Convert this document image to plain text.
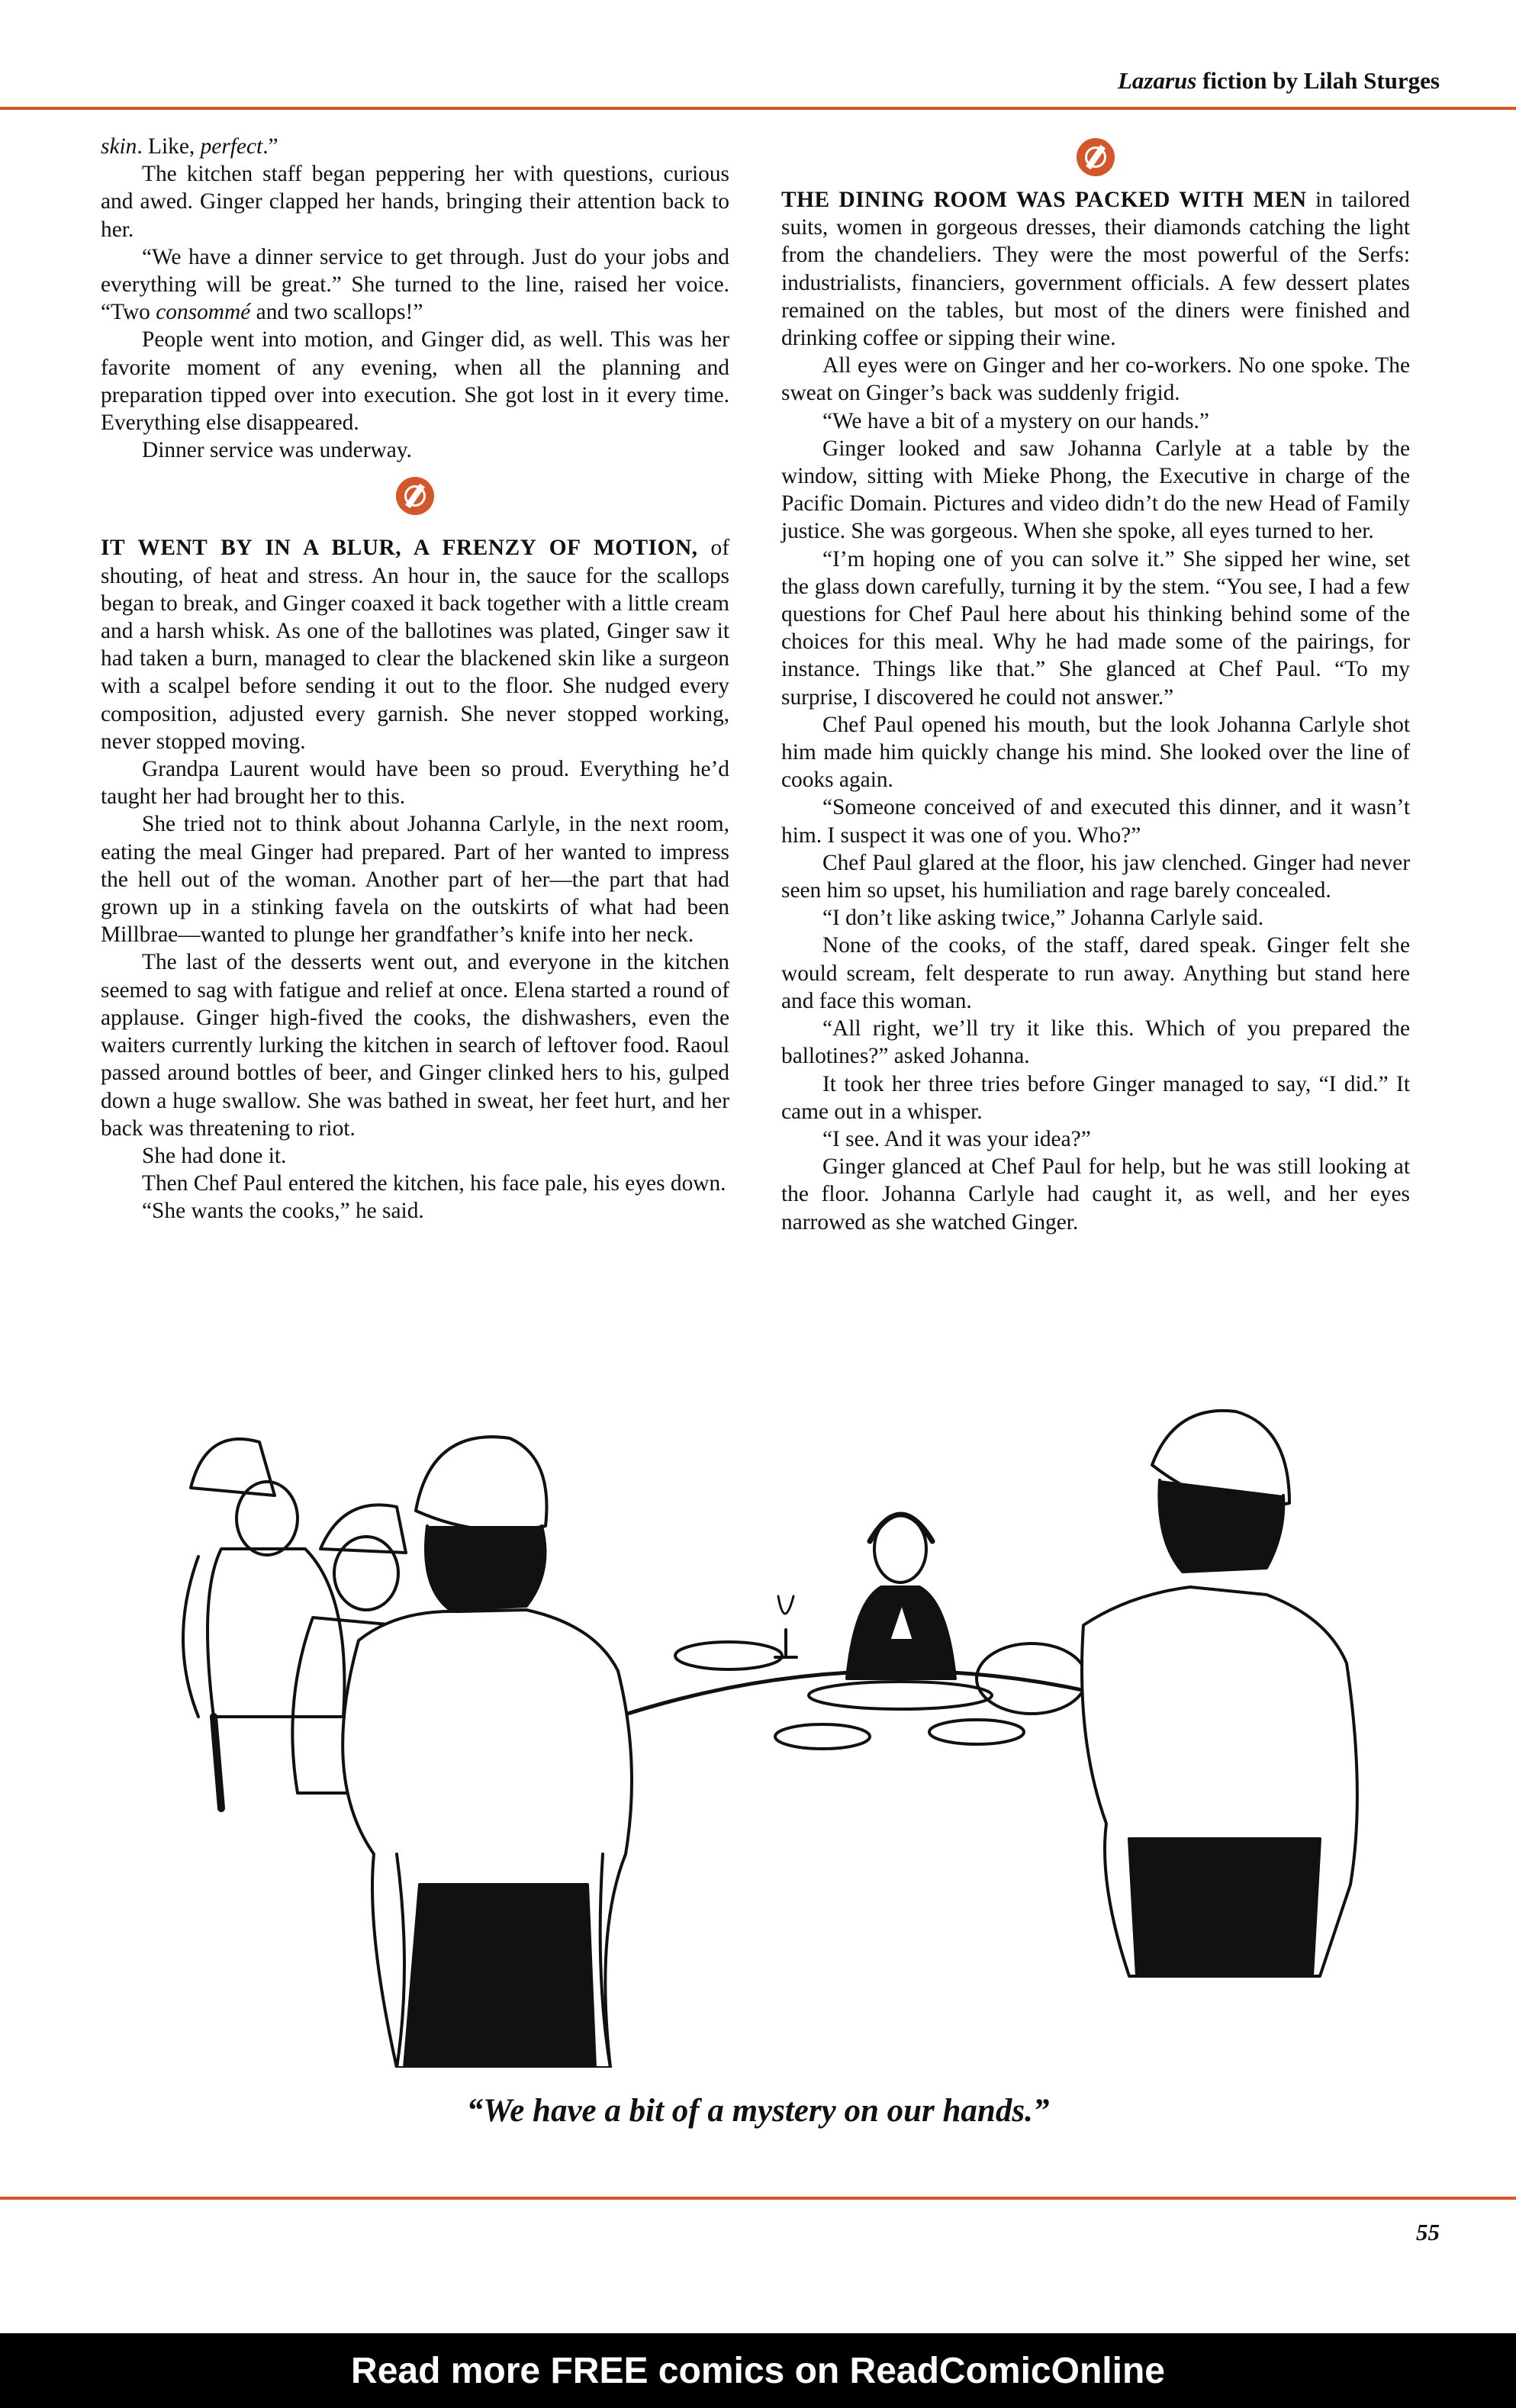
Lazarus fiction by Lilah Sturges

skin. Like, perfect.”

The kitchen staff began peppering her with questions, curious and awed. Ginger clapped her hands, bringing their attention back to her.

“We have a dinner service to get through. Just do your jobs and everything will be great.” She turned to the line, raised her voice. “Two consommé and two scallops!”

People went into motion, and Ginger did, as well. This was her favorite moment of any evening, when all the planning and preparation tipped over into execution. She got lost in it every time. Everything else disappeared.

Dinner service was underway.

IT WENT BY IN A BLUR, A FRENZY OF MOTION, of shouting, of heat and stress. An hour in, the sauce for the scallops began to break, and Ginger coaxed it back together with a little cream and a harsh whisk. As one of the ballotines was plated, Ginger saw it had taken a burn, managed to clear the blackened skin like a surgeon with a scalpel before sending it out to the floor. She nudged every composition, adjusted every garnish. She never stopped working, never stopped moving.

Grandpa Laurent would have been so proud. Everything he’d taught her had brought her to this.

She tried not to think about Johanna Carlyle, in the next room, eating the meal Ginger had prepared. Part of her wanted to impress the hell out of the woman. Another part of her—the part that had grown up in a stinking favela on the outskirts of what had been Millbrae—wanted to plunge her grandfather’s knife into her neck.

The last of the desserts went out, and everyone in the kitchen seemed to sag with fatigue and relief at once. Elena started a round of applause. Ginger high-fived the cooks, the dishwashers, even the waiters currently lurking the kitchen in search of leftover food. Raoul passed around bottles of beer, and Ginger clinked hers to his, gulped down a huge swallow. She was bathed in sweat, her feet hurt, and her back was threatening to riot.

She had done it.

Then Chef Paul entered the kitchen, his face pale, his eyes down.

“She wants the cooks,” he said.

THE DINING ROOM WAS PACKED WITH MEN in tailored suits, women in gorgeous dresses, their diamonds catching the light from the chandeliers. They were the most powerful of the Serfs: industrialists, financiers, government officials. A few dessert plates remained on the tables, but most of the diners were finished and drinking coffee or sipping their wine.

All eyes were on Ginger and her co-workers. No one spoke. The sweat on Ginger’s back was suddenly frigid.

“We have a bit of a mystery on our hands.”

Ginger looked and saw Johanna Carlyle at a table by the window, sitting with Mieke Phong, the Executive in charge of the Pacific Domain. Pictures and video didn’t do the new Head of Family justice. She was gorgeous. When she spoke, all eyes turned to her.

“I’m hoping one of you can solve it.” She sipped her wine, set the glass down carefully, turning it by the stem. “You see, I had a few questions for Chef Paul here about his thinking behind some of the choices for this meal. Why he had made some of the pairings, for instance. Things like that.” She glanced at Chef Paul. “To my surprise, I discovered he could not answer.”

Chef Paul opened his mouth, but the look Johanna Carlyle shot him made him quickly change his mind. She looked over the line of cooks again.

“Someone conceived of and executed this dinner, and it wasn’t him. I suspect it was one of you. Who?”

Chef Paul glared at the floor, his jaw clenched. Ginger had never seen him so upset, his humiliation and rage barely concealed.

“I don’t like asking twice,” Johanna Carlyle said.

None of the cooks, of the staff, dared speak. Ginger felt she would scream, felt desperate to run away. Anything but stand here and face this woman.

“All right, we’ll try it like this. Which of you prepared the ballotines?” asked Johanna.

It took her three tries before Ginger managed to say, “I did.” It came out in a whisper.

“I see. And it was your idea?”

Ginger glanced at Chef Paul for help, but he was still looking at the floor. Johanna Carlyle had caught it, as well, and her eyes narrowed as she watched Ginger.

“We have a bit of a mystery on our hands.”
55
Read more FREE comics on ReadComicOnline
